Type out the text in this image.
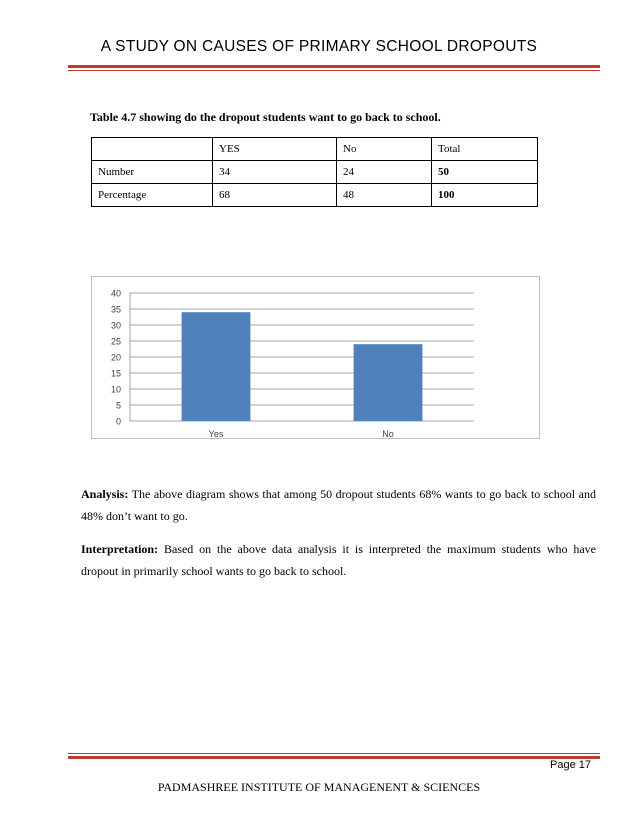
A STUDY ON CAUSES OF PRIMARY SCHOOL DROPOUTS
Table 4.7 showing do the dropout students want to go back to school.
	YES	No	Total
Number	34	24	50
Percentage	68	48	100
0
5
10
15
20
25
30
35
40
Yes	No
Analysis: The above diagram shows that among 50 dropout students 68% wants to go back to school and 48% don’t want to go.
Interpretation: Based on the above data analysis it is interpreted the maximum students who have dropout in primarily school wants to go back to school.
Page 17
PADMASHREE INSTITUTE OF MANAGENENT & SCIENCES
